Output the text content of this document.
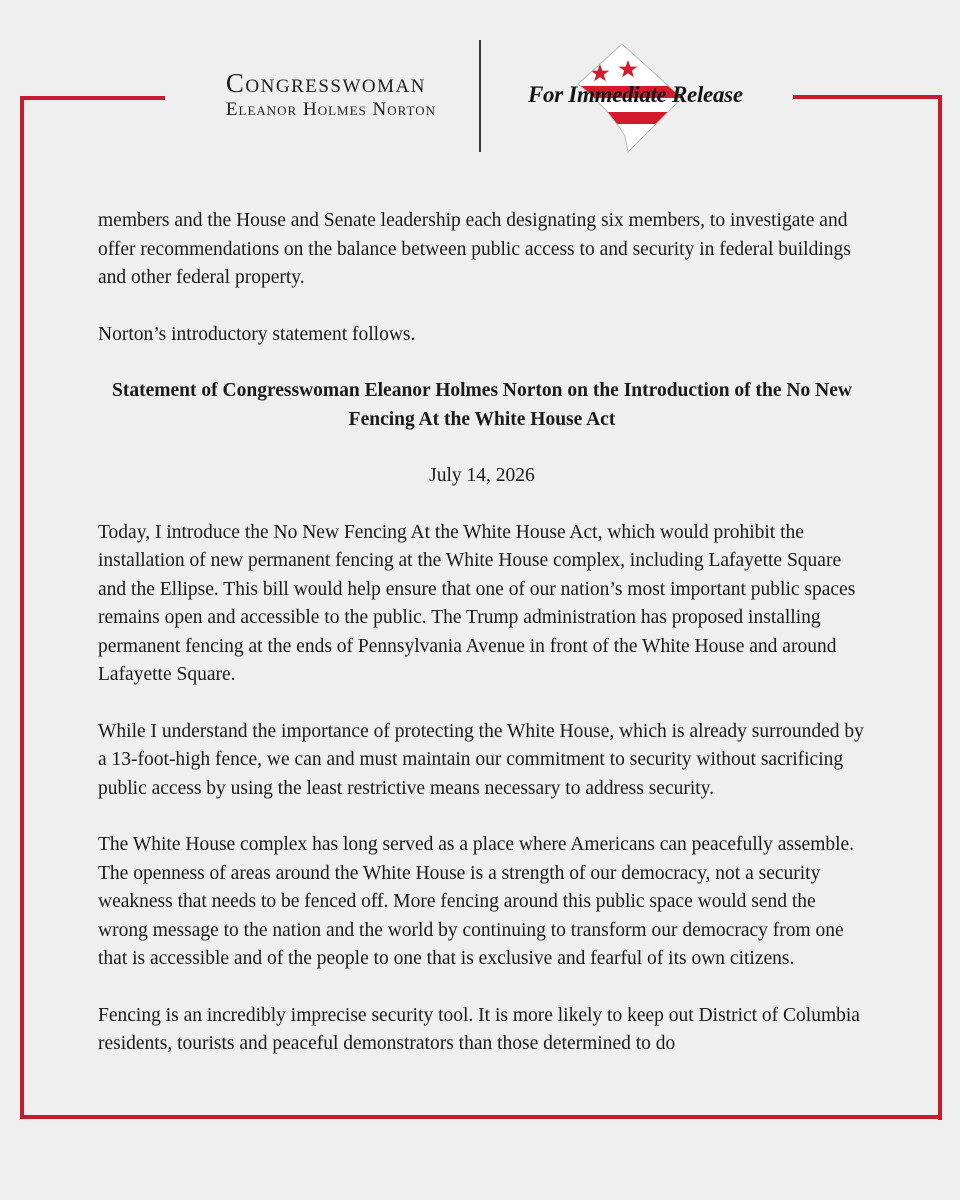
Congresswoman
Eleanor Holmes Norton
For Immediate Release

members and the House and Senate leadership each designating six members, to investigate and offer recommendations on the balance between public access to and security in federal buildings and other federal property.

Norton’s introductory statement follows.

Statement of Congresswoman Eleanor Holmes Norton on the Introduction of the No New Fencing At the White House Act

July 14, 2026

Today, I introduce the No New Fencing At the White House Act, which would prohibit the installation of new permanent fencing at the White House complex, including Lafayette Square and the Ellipse. This bill would help ensure that one of our nation’s most important public spaces remains open and accessible to the public. The Trump administration has proposed installing permanent fencing at the ends of Pennsylvania Avenue in front of the White House and around Lafayette Square.

While I understand the importance of protecting the White House, which is already surrounded by a 13-foot-high fence, we can and must maintain our commitment to security without sacrificing public access by using the least restrictive means necessary to address security.

The White House complex has long served as a place where Americans can peacefully assemble. The openness of areas around the White House is a strength of our democracy, not a security weakness that needs to be fenced off. More fencing around this public space would send the wrong message to the nation and the world by continuing to transform our democracy from one that is accessible and of the people to one that is exclusive and fearful of its own citizens.

Fencing is an incredibly imprecise security tool. It is more likely to keep out District of Columbia residents, tourists and peaceful demonstrators than those determined to do
